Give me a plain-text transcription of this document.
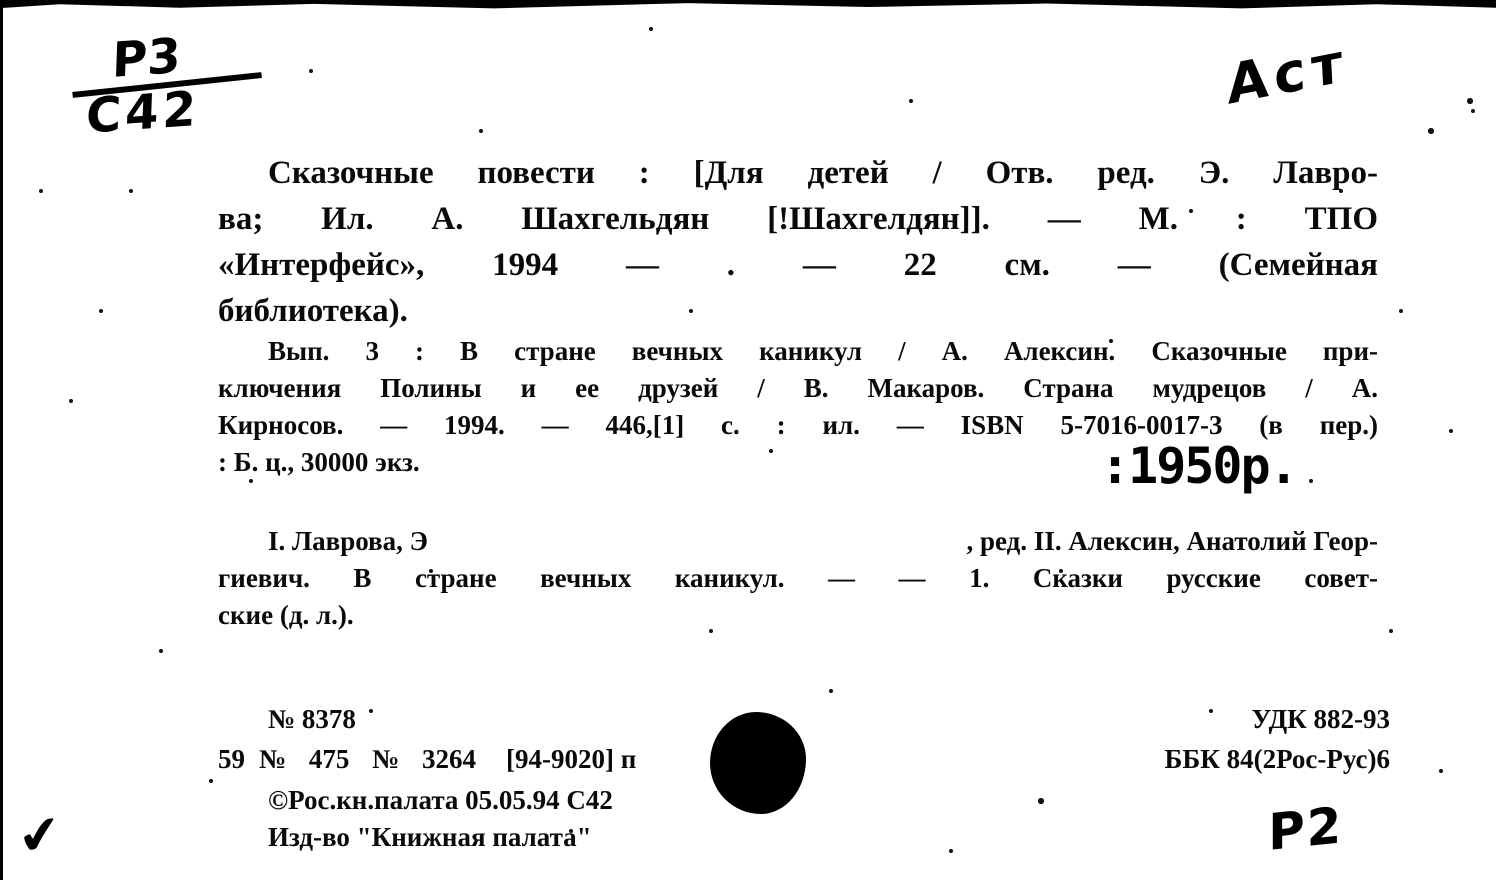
Р3
С42	Аст
Сказочные повести : [Для детей / Отв. ред. Э. Лавро-
ва; Ил. А. Шахгельдян [!Шахгелдян]]. — М. : ТПО
«Интерфейс», 1994 — . — 22 см. — (Семейная
библиотека).
Вып. 3 : В стране вечных каникул / А. Алексин. Сказочные при-
ключения Полины и ее друзей / В. Макаров. Страна мудрецов / А.
Кирносов. — 1994. — 446,[1] с. : ил. — ISBN 5-7016-0017-3 (в пер.)
: Б. ц., 30000 экз.	:1950р.
I. Лаврова, Э	, ред. II. Алексин, Анатолий Геор-
гиевич. В стране вечных каникул. — — 1. Сказки русские совет-
ские (д. л.).
№ 8378	УДК 882-93
59 № 475 № 3264 [94-9020] п	ББК 84(2Рос-Рус)6
©Рос.кн.палата 05.05.94 С42
Изд-во "Книжная палата"
✔	Р2
